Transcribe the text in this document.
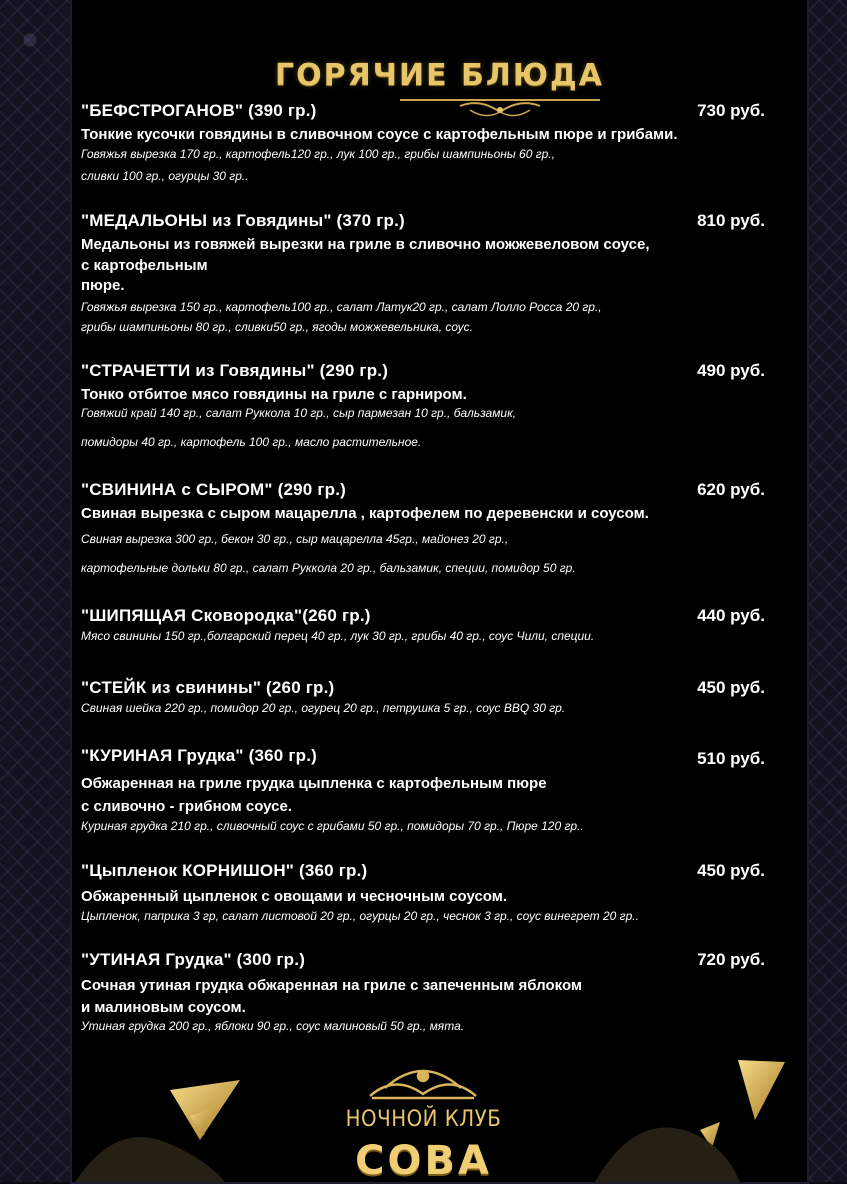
ГОРЯЧИЕ БЛЮДА
"БЕФСТРОГАНОВ" (390 гр.)	730 руб.
Тонкие кусочки говядины в сливочном соусе с картофельным пюре и грибами.
Говяжья вырезка 170 гр., картофель120 гр., лук 100 гр., грибы шампиньоны 60 гр.,
сливки 100 гр., огурцы 30 гр..
"МЕДАЛЬОНЫ из Говядины" (370 гр.)	810 руб.
Медальоны из говяжей вырезки на гриле в сливочно можжевеловом соусе,
с картофельным
пюре.
Говяжья вырезка 150 гр., картофель100 гр., салат Латук20 гр., салат Лолло Росса 20 гр.,
грибы шампиньоны 80 гр., сливки50 гр., ягоды можжевельника, соус.
"СТРАЧЕТТИ из Говядины" (290 гр.)	490 руб.
Тонко отбитое мясо говядины на гриле с гарниром.
Говяжий край 140 гр., салат Руккола 10 гр., сыр пармезан 10 гр., бальзамик,
помидоры 40 гр., картофель 100 гр., масло растительное.
"СВИНИНА с СЫРОМ" (290 гр.)	620 руб.
Свиная вырезка с сыром мацарелла , картофелем по деревенски и соусом.
Свиная вырезка 300 гр., бекон 30 гр., сыр мацарелла 45гр., майонез 20 гр.,
картофельные дольки 80 гр., салат Руккола 20 гр., бальзамик, специи, помидор 50 гр.
"ШИПЯЩАЯ Сковородка"(260 гр.)	440 руб.
Мясо свинины 150 гр.,болгарский перец 40 гр., лук 30 гр., грибы 40 гр., соус Чили, специи.
"СТЕЙК из свинины" (260 гр.)	450 руб.
Свиная шейка 220 гр., помидор 20 гр., огурец 20 гр., петрушка 5 гр., соус BBQ 30 гр.
"КУРИНАЯ Грудка" (360 гр.)	510 руб.
Обжаренная на гриле грудка цыпленка с картофельным пюре
с сливочно - грибном соусе.
Куриная грудка 210 гр., сливочный соус с грибами 50 гр., помидоры 70 гр., Пюре 120 гр..
"Цыпленок КОРНИШОН" (360 гр.)	450 руб.
Обжаренный цыпленок с овощами и чесночным соусом.
Цыпленок, паприка 3 гр, салат листовой 20 гр., огурцы 20 гр., чеснок 3 гр., соус винегрет 20 гр..
"УТИНАЯ Грудка" (300 гр.)	720 руб.
Сочная утиная грудка обжаренная на гриле с запеченным яблоком
и малиновым соусом.
Утиная грудка 200 гр., яблоки 90 гр., соус малиновый 50 гр., мята.
НОЧНОЙ КЛУБ
СОВА
